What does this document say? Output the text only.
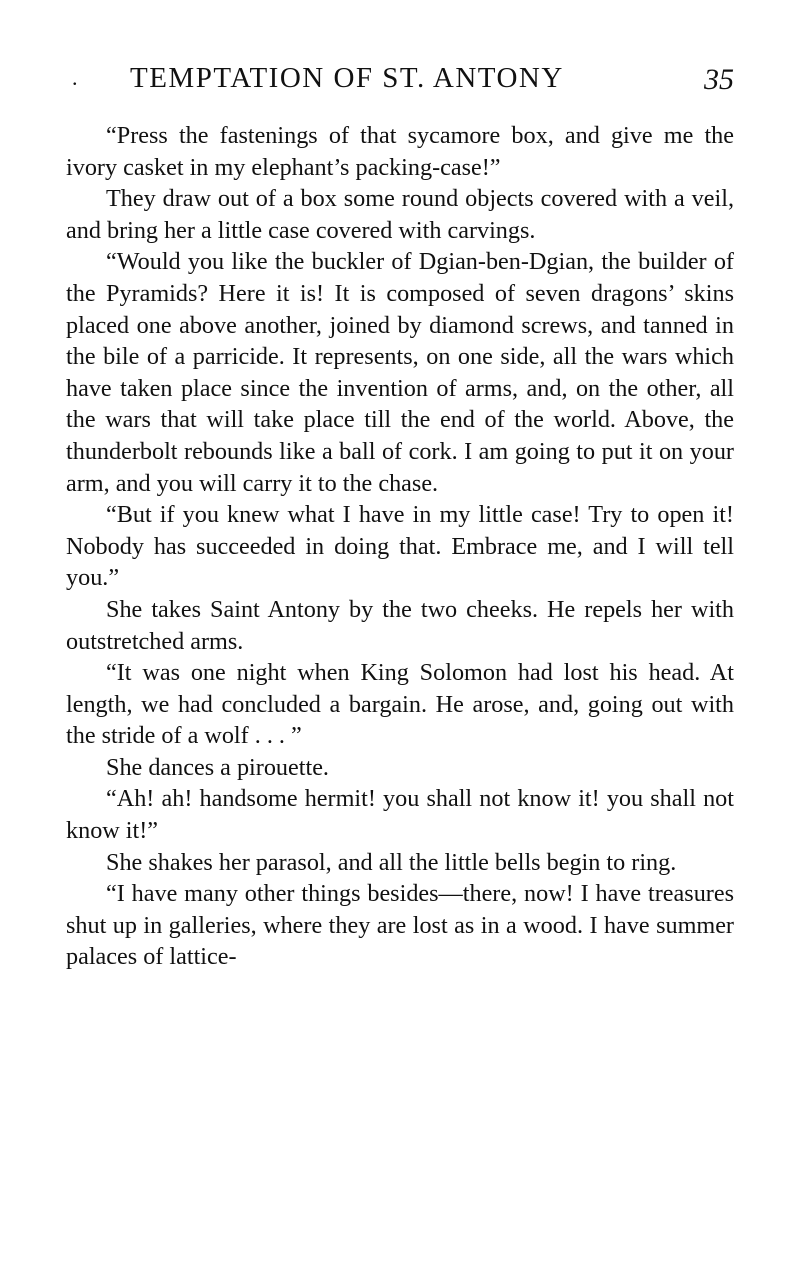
. TEMPTATION OF ST. ANTONY	35

“Press the fastenings of that sycamore box, and give me the ivory casket in my elephant’s packing-case!”

They draw out of a box some round objects covered with a veil, and bring her a little case covered with carvings.

“Would you like the buckler of Dgian-ben-Dgian, the builder of the Pyramids? Here it is! It is composed of seven dragons’ skins placed one above another, joined by diamond screws, and tanned in the bile of a parricide. It represents, on one side, all the wars which have taken place since the invention of arms, and, on the other, all the wars that will take place till the end of the world. Above, the thunderbolt rebounds like a ball of cork. I am going to put it on your arm, and you will carry it to the chase.

“But if you knew what I have in my little case! Try to open it! Nobody has succeeded in doing that. Embrace me, and I will tell you.”

She takes Saint Antony by the two cheeks. He repels her with outstretched arms.

“It was one night when King Solomon had lost his head. At length, we had concluded a bargain. He arose, and, going out with the stride of a wolf . . . ”

She dances a pirouette.

“Ah! ah! handsome hermit! you shall not know it! you shall not know it!”

She shakes her parasol, and all the little bells begin to ring.

“I have many other things besides—there, now! I have treasures shut up in galleries, where they are lost as in a wood. I have summer palaces of lattice-
